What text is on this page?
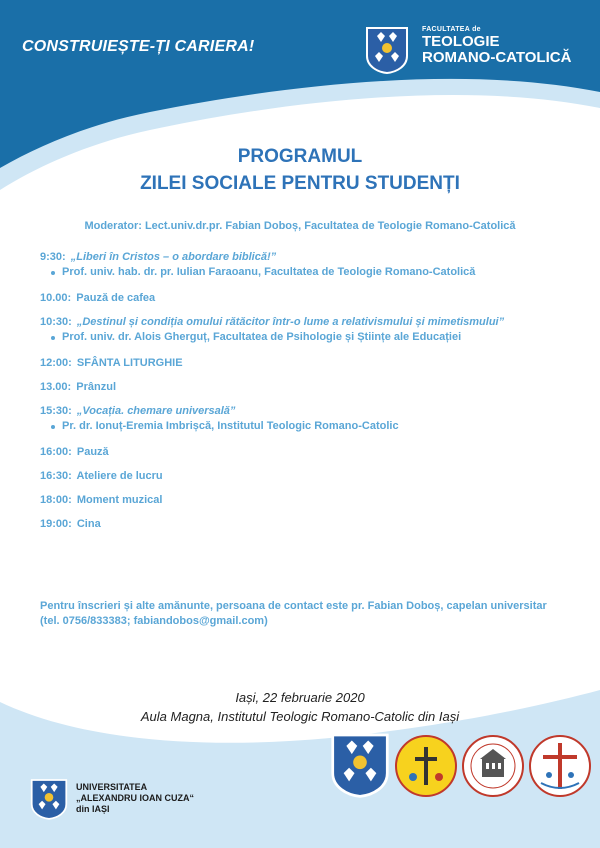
CONSTRUIEȘTE-ȚI CARIERA!
FACULTATEA de
TEOLOGIE
ROMANO-CATOLICĂ
PROGRAMUL
ZILEI SOCIALE PENTRU STUDENȚI
Moderator: Lect.univ.dr.pr. Fabian Doboș, Facultatea de Teologie Romano-Catolică
9:30: „Liberi în Cristos – o abordare biblică!”
Prof. univ. hab. dr. pr. Iulian Faraoanu, Facultatea de Teologie Romano-Catolică
10.00: Pauză de cafea
10:30: „Destinul și condiția omului rătăcitor într-o lume a relativismului și mimetismului”
Prof. univ. dr. Alois Gherguț, Facultatea de Psihologie și Științe ale Educației
12:00: SFÂNTA LITURGHIE
13.00: Prânzul
15:30: „Vocația. chemare universală”
Pr. dr. Ionuț-Eremia Imbrișcă, Institutul Teologic Romano-Catolic
16:00: Pauză
16:30: Ateliere de lucru
18:00: Moment muzical
19:00: Cina
Pentru înscrieri și alte amănunte, persoana de contact este pr. Fabian Doboș, capelan universitar
(tel. 0756/833383; fabiandobos@gmail.com)
Iași, 22 februarie 2020
Aula Magna, Institutul Teologic Romano-Catolic din Iași
UNIVERSITATEA
„ALEXANDRU IOAN CUZA“
din IAȘI
